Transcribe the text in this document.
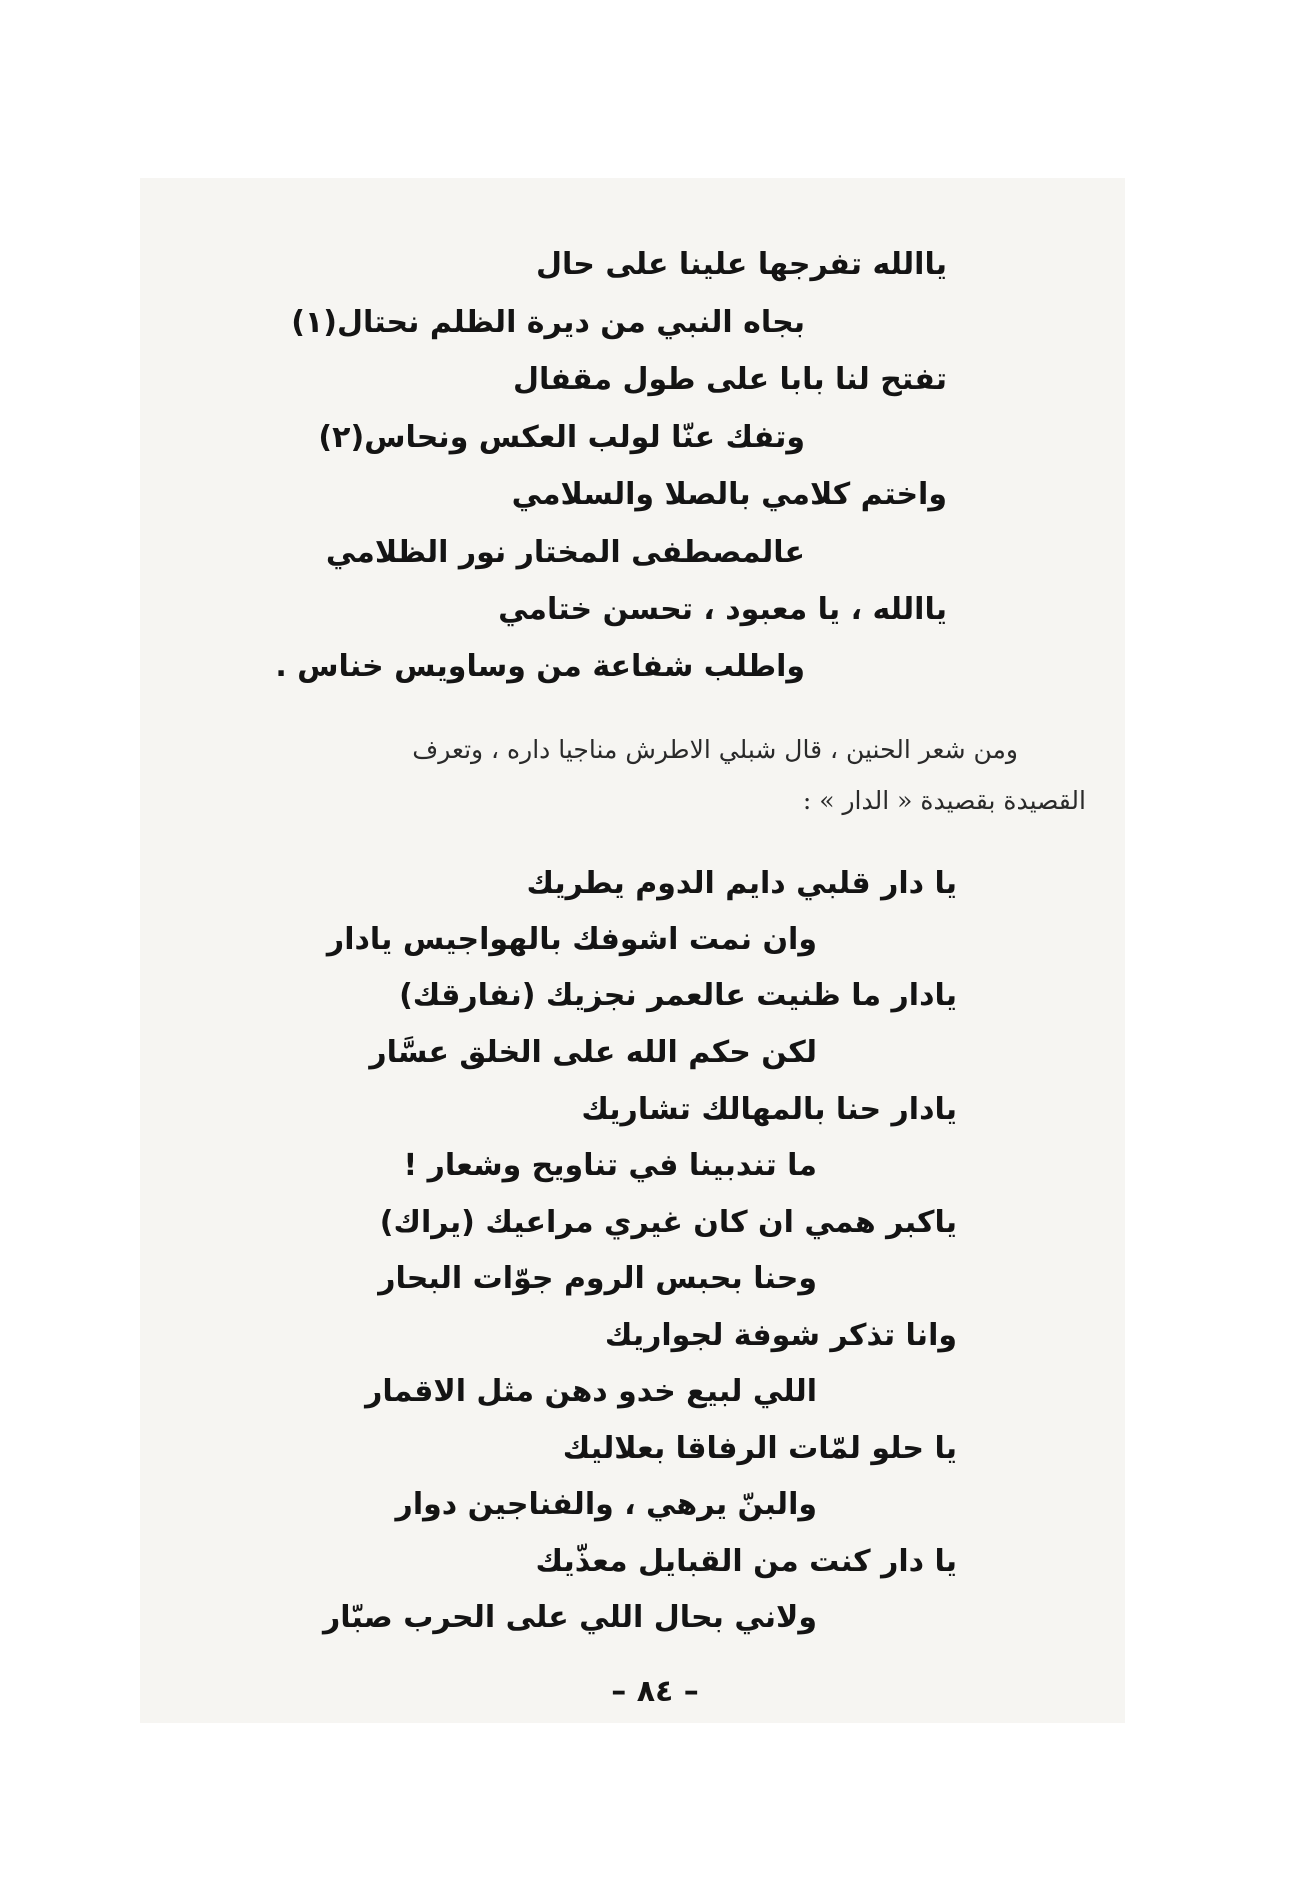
ياالله تفرجها علينا على حال
بجاه النبي من ديرة الظلم نحتال(١)
تفتح لنا بابا على طول مقفال
وتفك عنّا لولب العكس ونحاس(٢)
واختم كلامي بالصلا والسلامي
عالمصطفى المختار نور الظلامي
ياالله ، يا معبود ، تحسن ختامي
واطلب شفاعة من وساويس خناس .
ومن شعر الحنين ، قال شبلي الاطرش مناجيا داره ، وتعرف
القصيدة بقصيدة « الدار » :
يا دار قلبي دايم الدوم يطريك
وان نمت اشوفك بالهواجيس يادار
يادار ما ظنيت عالعمر نجزيك (نفارقك)
لكن حكم الله على الخلق عسَّار
يادار حنا بالمهالك تشاريك
ما تندبينا في تناويح وشعار !
ياكبر همي ان كان غيري مراعيك (يراك)
وحنا بحبس الروم جوّات البحار
وانا تذكر شوفة لجواريك
اللي لبيع خدو دهن مثل الاقمار
يا حلو لمّات الرفاقا بعلاليك
والبنّ يرهي ، والفناجين دوار
يا دار كنت من القبايل معذّيك
ولاني بحال اللي على الحرب صبّار
– ٨٤ –
